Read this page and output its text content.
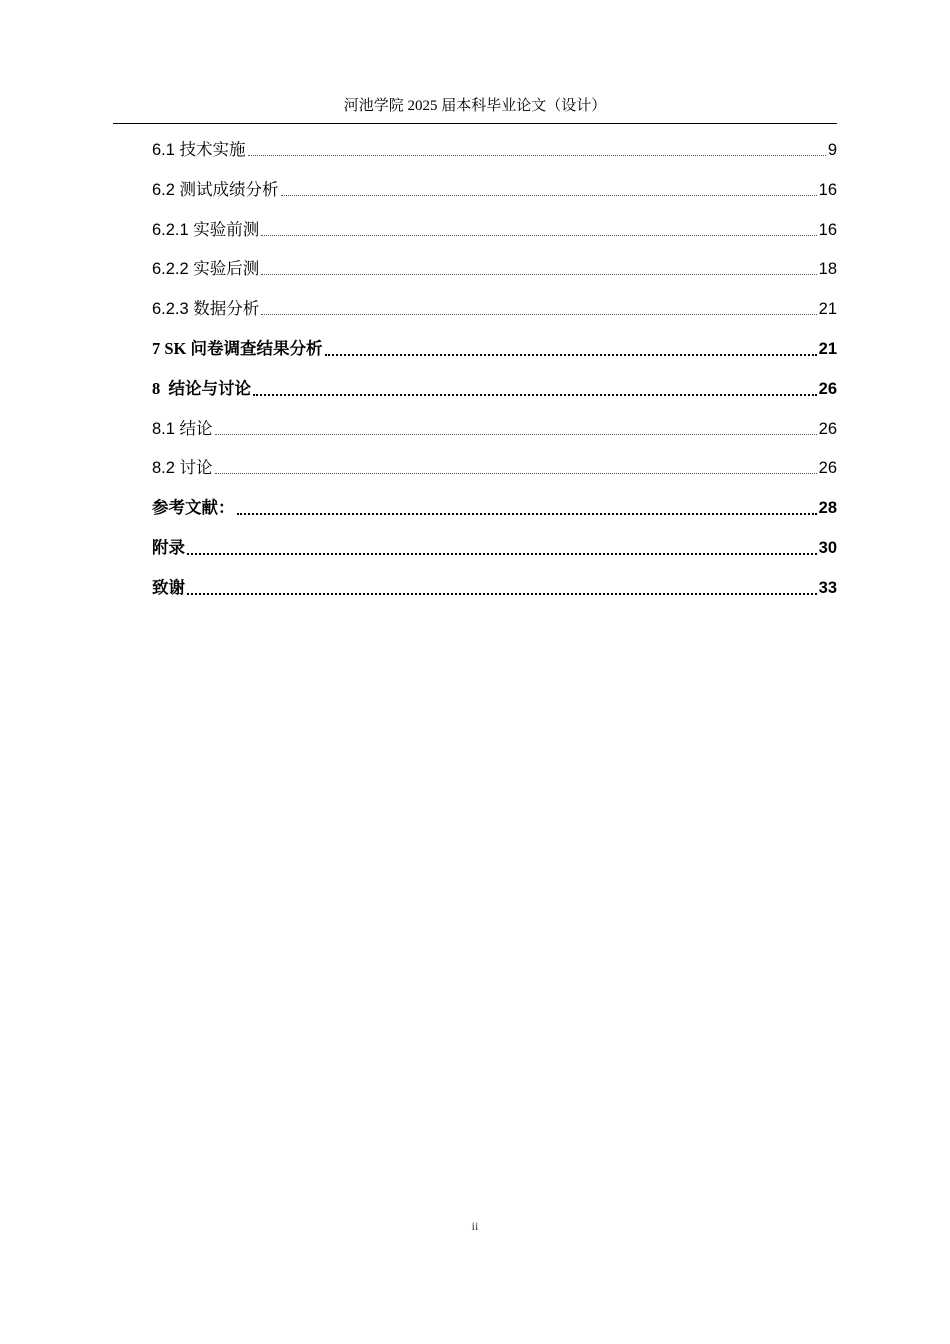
河池学院 2025 届本科毕业论文（设计）
6.1 技术实施	9
6.2 测试成绩分析	16
6.2.1 实验前测	16
6.2.2 实验后测	18
6.2.3 数据分析	21
7 SK 问卷调查结果分析	21
8  结论与讨论	26
8.1 结论	26
8.2 讨论	26
参考文献：	28
附录	30
致谢	33
ii
